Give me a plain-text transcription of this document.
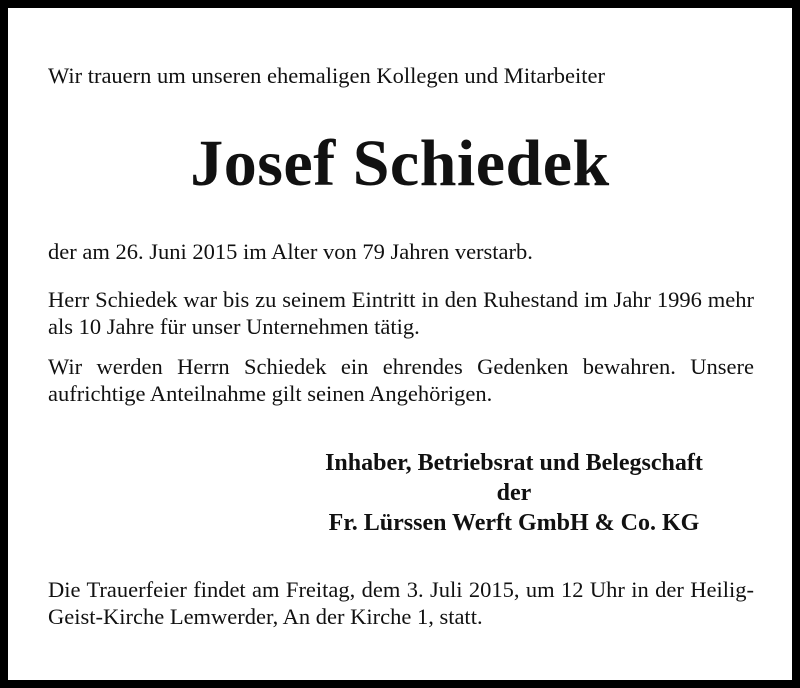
Wir trauern um unseren ehemaligen Kollegen und Mitarbeiter

Josef Schiedek

der am 26. Juni 2015 im Alter von 79 Jahren verstarb.

Herr Schiedek war bis zu seinem Eintritt in den Ruhestand im Jahr 1996 mehr als 10 Jahre für unser Unternehmen tätig.

Wir werden Herrn Schiedek ein ehrendes Gedenken bewahren. Unsere aufrichtige Anteilnahme gilt seinen Angehörigen.

Inhaber, Betriebsrat und Belegschaft
der
Fr. Lürssen Werft GmbH & Co. KG

Die Trauerfeier findet am Freitag, dem 3. Juli 2015, um 12 Uhr in der Heilig-Geist-Kirche Lemwerder, An der Kirche 1, statt.
